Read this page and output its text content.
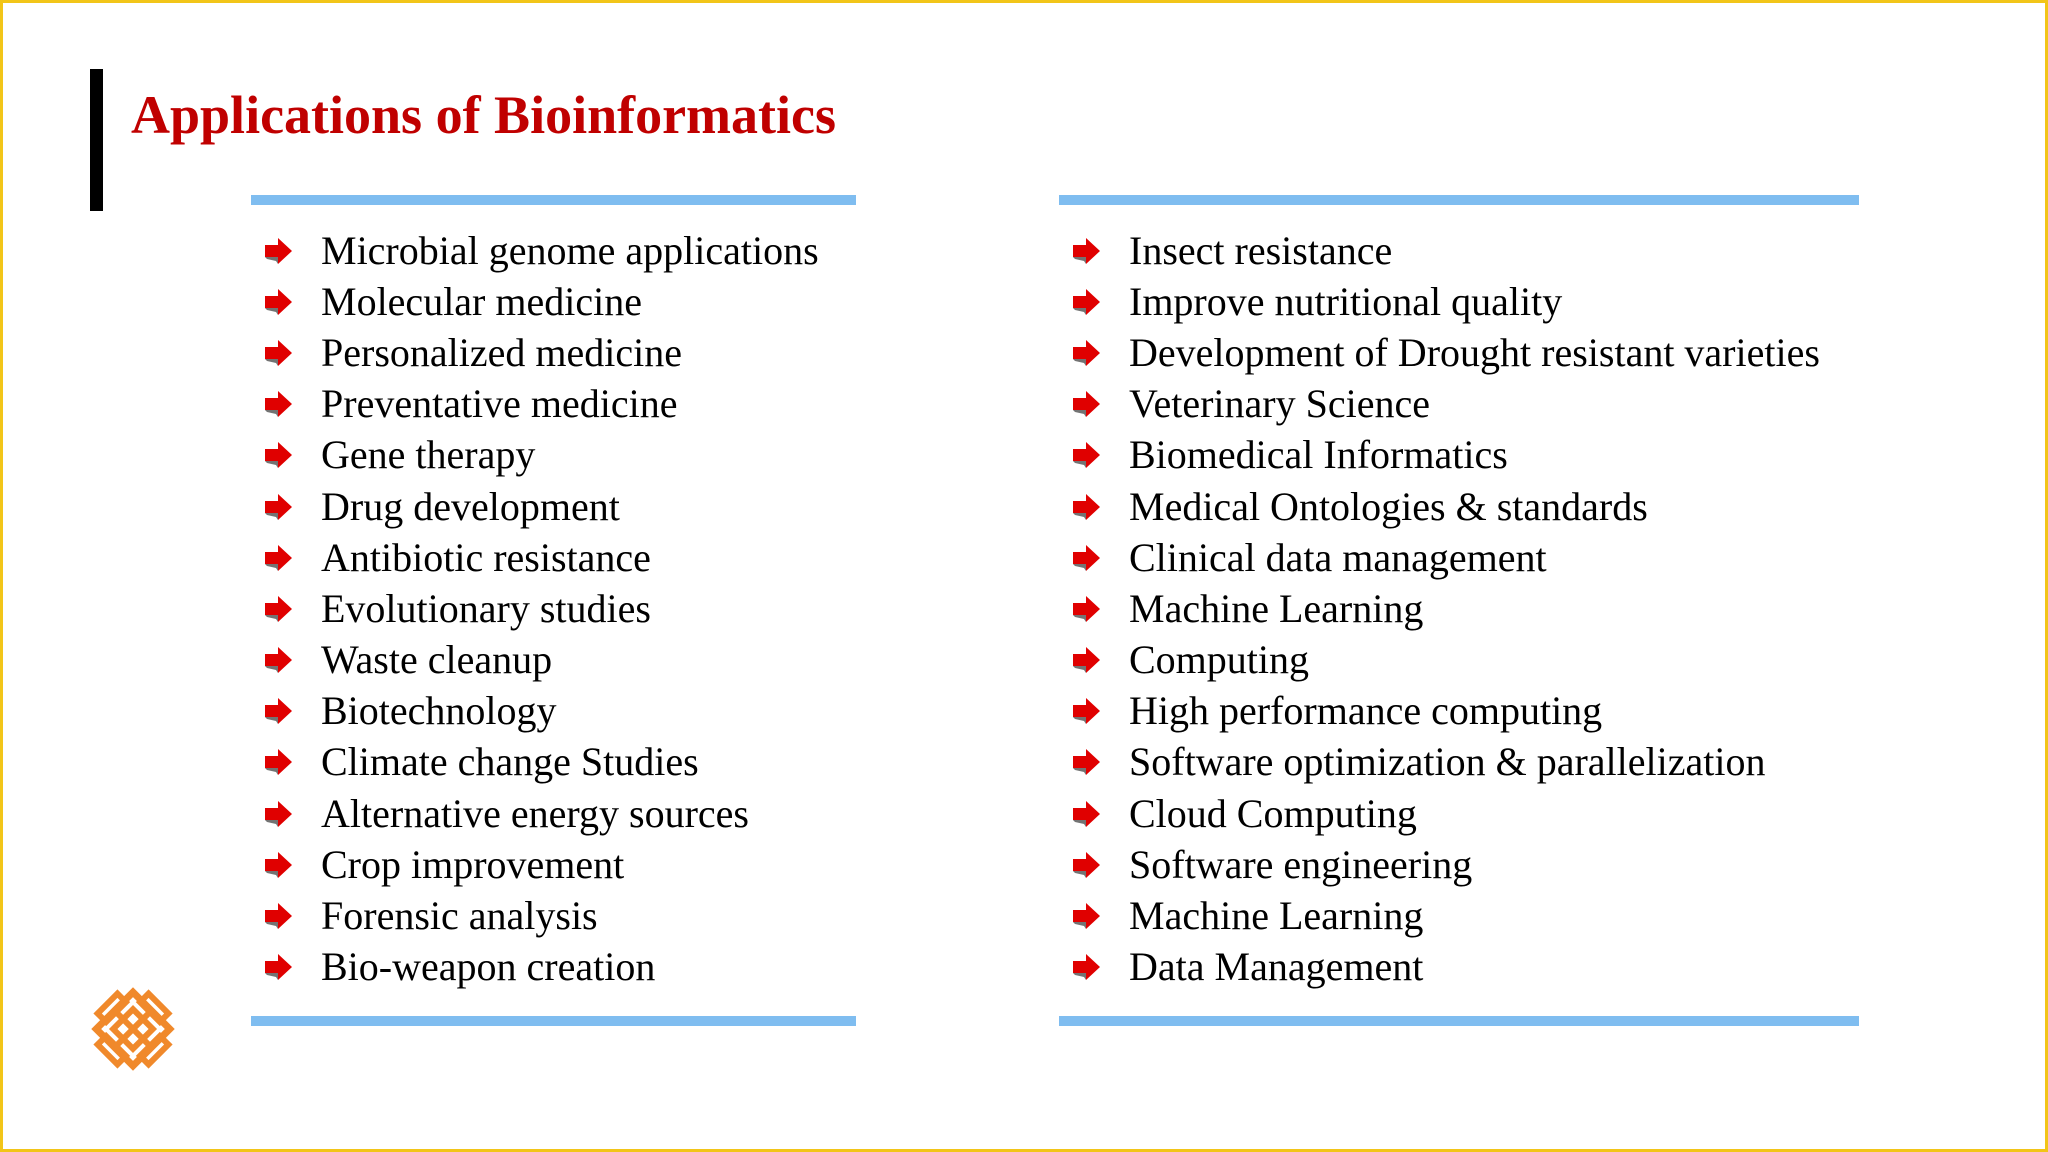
Applications of Bioinformatics
Microbial genome applications
Molecular medicine
Personalized medicine
Preventative medicine
Gene therapy
Drug development
Antibiotic resistance
Evolutionary studies
Waste cleanup
Biotechnology
Climate change Studies
Alternative energy sources
Crop improvement
Forensic analysis
Bio-weapon creation
Insect resistance
Improve nutritional quality
Development of Drought resistant varieties
Veterinary Science
Biomedical Informatics
Medical Ontologies & standards
Clinical data management
Machine Learning
Computing
High performance computing
Software optimization & parallelization
Cloud Computing
Software engineering
Machine Learning
Data Management
